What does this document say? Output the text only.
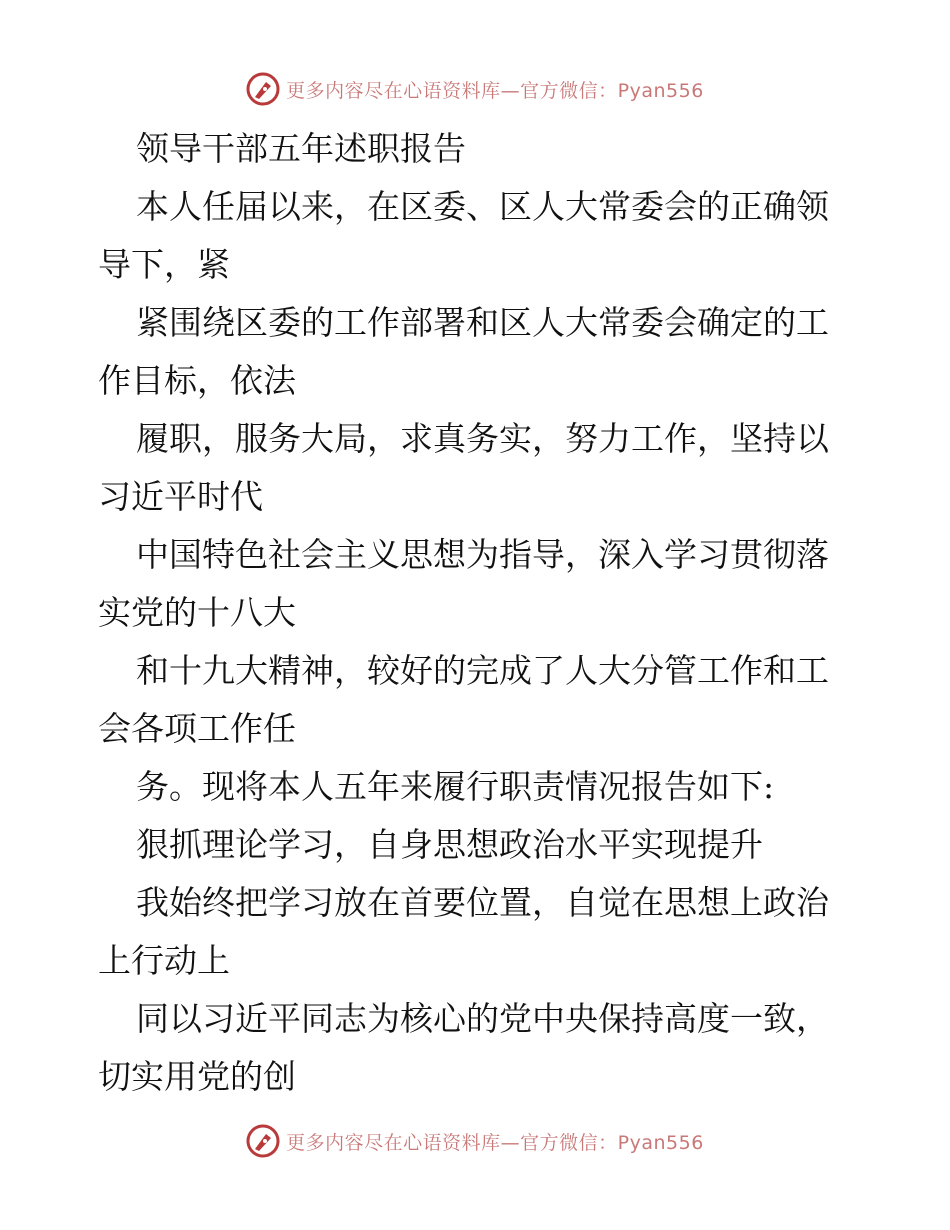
更多内容尽在心语资料库—官方微信：Pyan556
领导干部五年述职报告
本人任届以来，在区委、区人大常委会的正确领
导下，紧
紧围绕区委的工作部署和区人大常委会确定的工
作目标，依法
履职，服务大局，求真务实，努力工作，坚持以
习近平时代
中国特色社会主义思想为指导，深入学习贯彻落
实党的十八大
和十九大精神，较好的完成了人大分管工作和工
会各项工作任
务。现将本人五年来履行职责情况报告如下:
狠抓理论学习，自身思想政治水平实现提升
我始终把学习放在首要位置，自觉在思想上政治
上行动上
同以习近平同志为核心的党中央保持高度一致，
切实用党的创
更多内容尽在心语资料库—官方微信：Pyan556
